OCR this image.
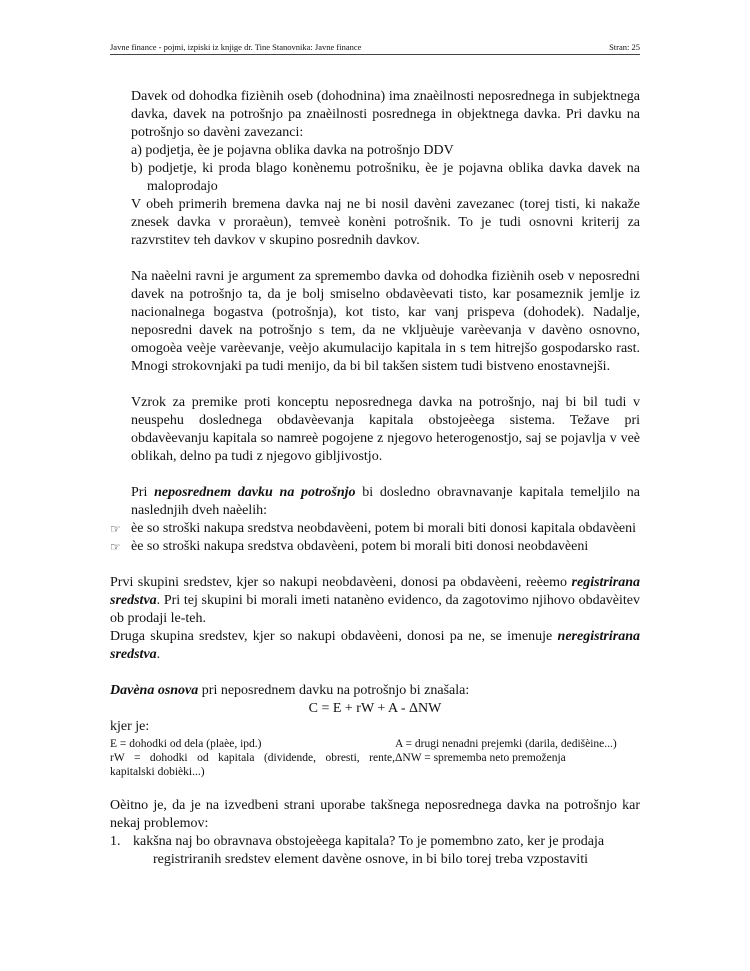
Javne finance - pojmi, izpiski iz knjige dr. Tine Stanovnika: Javne finance	Stran: 25

Davek od dohodka fiziènih oseb (dohodnina) ima znaèilnosti neposrednega in subjektnega davka, davek na potrošnjo pa znaèilnosti posrednega in objektnega davka. Pri davku na potrošnjo so davèni zavezanci:

a) podjetja, èe je pojavna oblika davka na potrošnjo DDV

b) podjetje, ki proda blago konènemu potrošniku, èe je pojavna oblika davka davek na maloprodajo

V obeh primerih bremena davka naj ne bi nosil davèni zavezanec (torej tisti, ki nakaže znesek davka v proraèun), temveè konèni potrošnik. To je tudi osnovni kriterij za razvrstitev teh davkov v skupino posrednih davkov.

Na naèelni ravni je argument za spremembo davka od dohodka fiziènih oseb v neposredni davek na potrošnjo ta, da je bolj smiselno obdavèevati tisto, kar posameznik jemlje iz nacionalnega bogastva (potrošnja), kot tisto, kar vanj prispeva (dohodek). Nadalje, neposredni davek na potrošnjo s tem, da ne vkljuèuje varèevanja v davèno osnovno, omogoèa veèje varèevanje, veèjo akumulacijo kapitala in s tem hitrejšo gospodarsko rast. Mnogi strokovnjaki pa tudi menijo, da bi bil takšen sistem tudi bistveno enostavnejši.

Vzrok za premike proti konceptu neposrednega davka na potrošnjo, naj bi bil tudi v neuspehu doslednega obdavèevanja kapitala obstojeèega sistema. Težave pri obdavèevanju kapitala so namreè pogojene z njegovo heterogenostjo, saj se pojavlja v veè oblikah, delno pa tudi z njegovo gibljivostjo.

Pri neposrednem davku na potrošnjo bi dosledno obravnavanje kapitala temeljilo na naslednjih dveh naèelih:

☞ èe so stroški nakupa sredstva neobdavèeni, potem bi morali biti donosi kapitala obdavèeni

☞ èe so stroški nakupa sredstva obdavèeni, potem bi morali biti donosi neobdavèeni

Prvi skupini sredstev, kjer so nakupi neobdavèeni, donosi pa obdavèeni, reèemo registrirana sredstva. Pri tej skupini bi morali imeti natanèno evidenco, da zagotovimo njihovo obdavèitev ob prodaji le-teh.

Druga skupina sredstev, kjer so nakupi obdavèeni, donosi pa ne, se imenuje neregistrirana sredstva.

Davèna osnova pri neposrednem davku na potrošnjo bi znašala:

C = E + rW + A - ΔNW

kjer je:

E = dohodki od dela (plaèe, ipd.)
rW = dohodki od kapitala (dividende, obresti, rente, kapitalski dobièki...)
A = drugi nenadni prejemki (darila, dedišèine...)
ΔNW = sprememba neto premoženja

Oèitno je, da je na izvedbeni strani uporabe takšnega neposrednega davka na potrošnjo kar nekaj problemov:

1. kakšna naj bo obravnava obstojeèega kapitala? To je pomembno zato, ker je prodaja

registriranih sredstev element davène osnove, in bi bilo torej treba vzpostaviti
